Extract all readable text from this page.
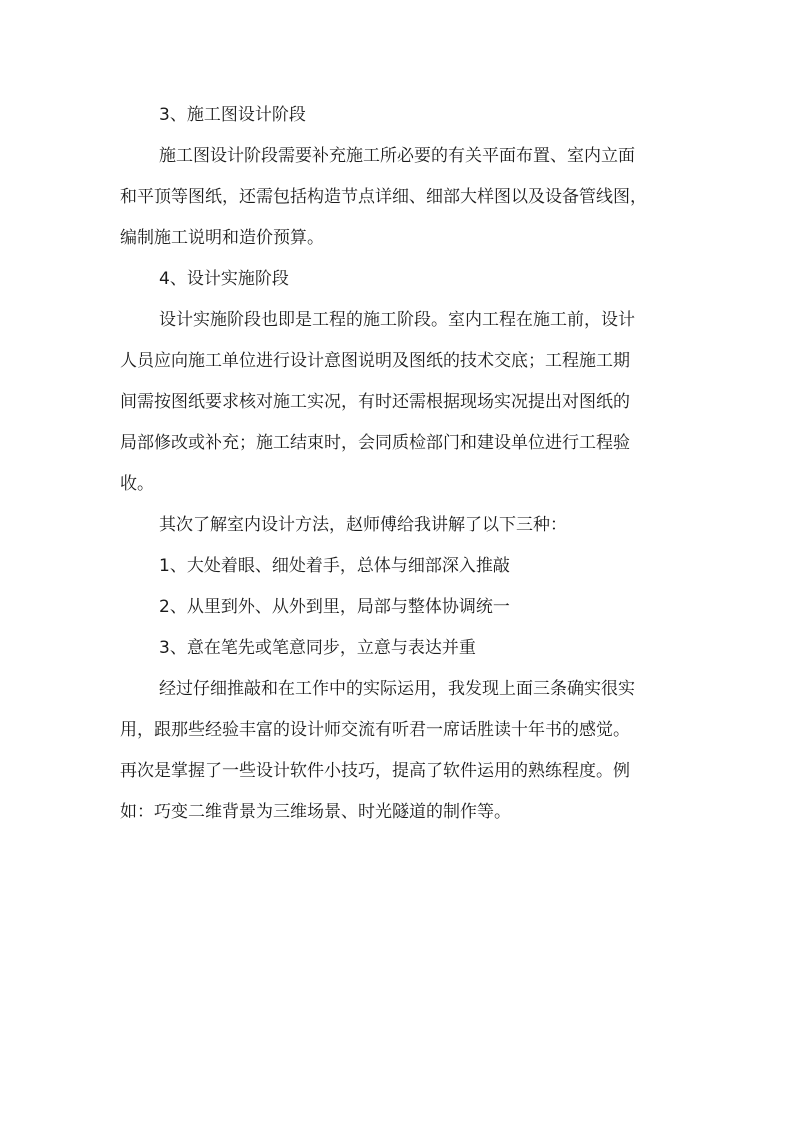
3、施工图设计阶段
施工图设计阶段需要补充施工所必要的有关平面布置、室内立面
和平顶等图纸，还需包括构造节点详细、细部大样图以及设备管线图，
编制施工说明和造价预算。
4、设计实施阶段
设计实施阶段也即是工程的施工阶段。室内工程在施工前，设计
人员应向施工单位进行设计意图说明及图纸的技术交底；工程施工期
间需按图纸要求核对施工实况，有时还需根据现场实况提出对图纸的
局部修改或补充；施工结束时，会同质检部门和建设单位进行工程验
收。
其次了解室内设计方法，赵师傅给我讲解了以下三种：
1、大处着眼、细处着手，总体与细部深入推敲
2、从里到外、从外到里，局部与整体协调统一
3、意在笔先或笔意同步，立意与表达并重
经过仔细推敲和在工作中的实际运用，我发现上面三条确实很实
用，跟那些经验丰富的设计师交流有听君一席话胜读十年书的感觉。
再次是掌握了一些设计软件小技巧，提高了软件运用的熟练程度。例
如：巧变二维背景为三维场景、时光隧道的制作等。
